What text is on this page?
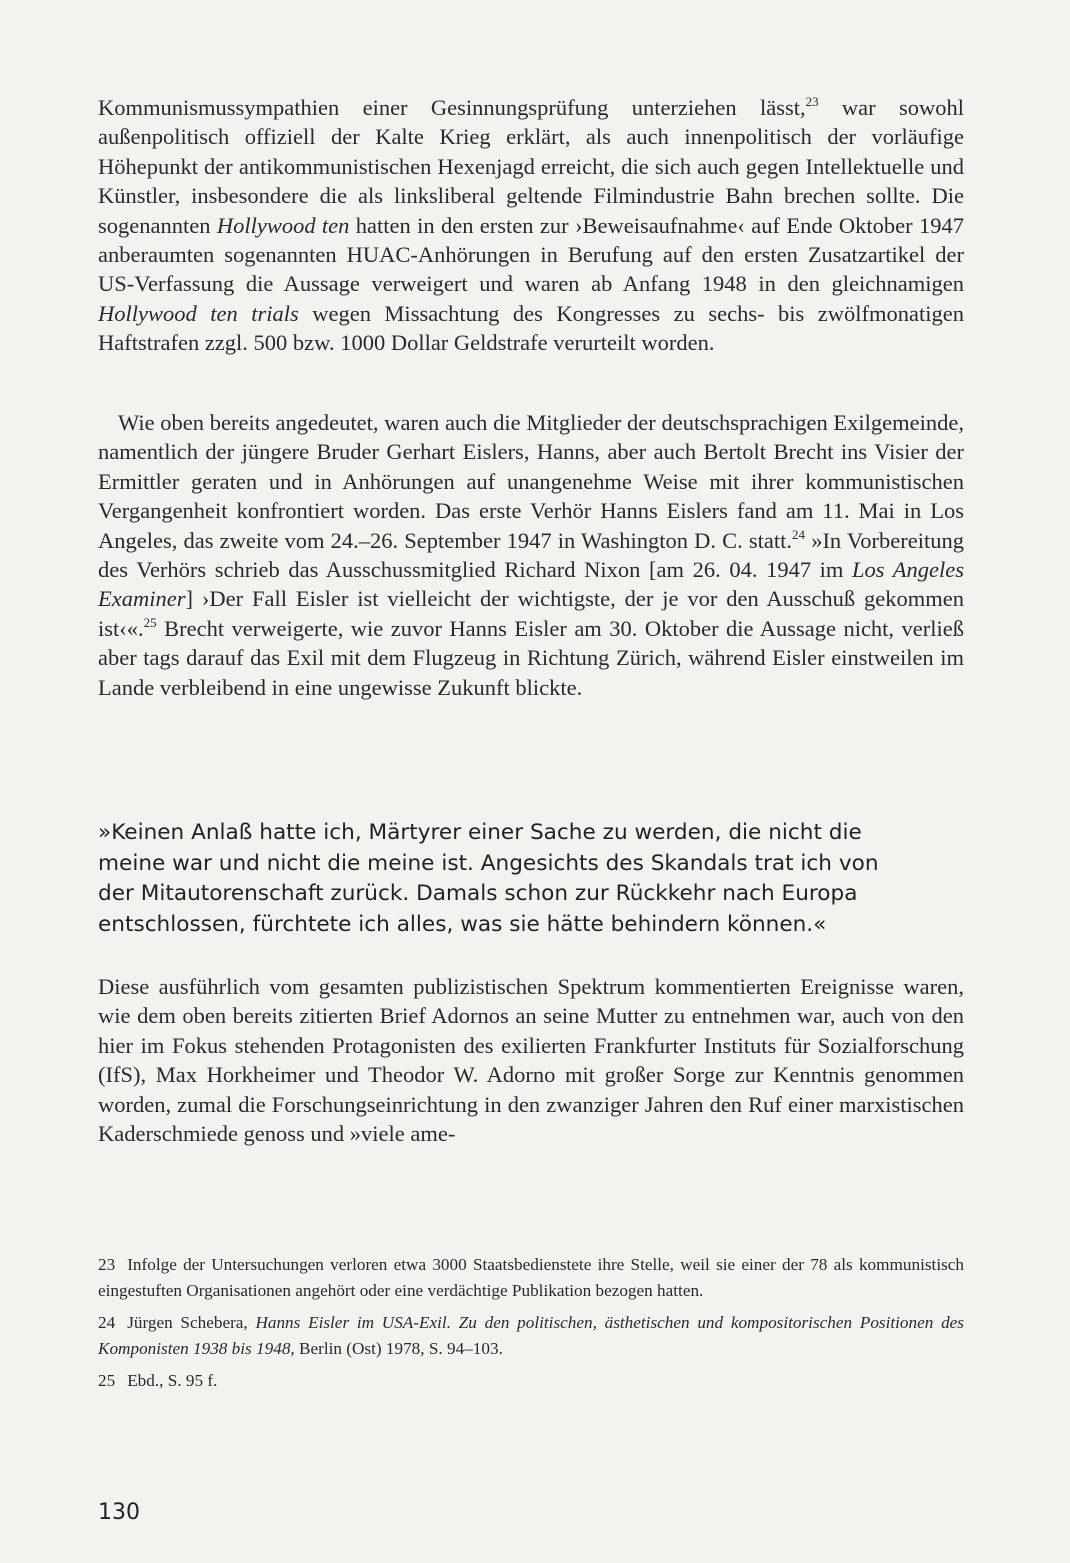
Kommunismussympathien einer Gesinnungsprüfung unterziehen lässt,$^{23}$ war sowohl außenpolitisch offiziell der Kalte Krieg erklärt, als auch innenpolitisch der vorläufige Höhepunkt der antikommunistischen Hexenjagd erreicht, die sich auch gegen Intellektuelle und Künstler, insbesondere die als linksliberal geltende Filmindustrie Bahn brechen sollte. Die sogenannten Hollywood ten hatten in den ersten zur ›Beweisaufnahme‹ auf Ende Oktober 1947 anberaumten sogenannten HUAC-Anhörungen in Berufung auf den ersten Zusatzartikel der US-Verfassung die Aussage verweigert und waren ab Anfang 1948 in den gleichnamigen Hollywood ten trials wegen Missachtung des Kongresses zu sechs- bis zwölfmonatigen Haftstrafen zzgl. 500 bzw. 1000 Dollar Geldstrafe verurteilt worden.
Wie oben bereits angedeutet, waren auch die Mitglieder der deutschsprachigen Exilgemeinde, namentlich der jüngere Bruder Gerhart Eislers, Hanns, aber auch Bertolt Brecht ins Visier der Ermittler geraten und in Anhörungen auf unangenehme Weise mit ihrer kommunistischen Vergangenheit konfrontiert worden. Das erste Verhör Hanns Eislers fand am 11. Mai in Los Angeles, das zweite vom 24.–26. September 1947 in Washington D. C. statt.$^{24}$ »In Vorbereitung des Verhörs schrieb das Ausschussmitglied Richard Nixon [am 26. 04. 1947 im Los Angeles Examiner] ›Der Fall Eisler ist vielleicht der wichtigste, der je vor den Ausschuß gekommen ist‹«.$^{25}$ Brecht verweigerte, wie zuvor Hanns Eisler am 30. Oktober die Aussage nicht, verließ aber tags darauf das Exil mit dem Flugzeug in Richtung Zürich, während Eisler einstweilen im Lande verbleibend in eine ungewisse Zukunft blickte.
»Keinen Anlaß hatte ich, Märtyrer einer Sache zu werden, die nicht die
meine war und nicht die meine ist. Angesichts des Skandals trat ich von
der Mitautorenschaft zurück. Damals schon zur Rückkehr nach Europa
entschlossen, fürchtete ich alles, was sie hätte behindern können.«
Diese ausführlich vom gesamten publizistischen Spektrum kommentierten Ereignisse waren, wie dem oben bereits zitierten Brief Adornos an seine Mutter zu entnehmen war, auch von den hier im Fokus stehenden Protagonisten des exilierten Frankfurter Instituts für Sozialforschung (IfS), Max Horkheimer und Theodor W. Adorno mit großer Sorge zur Kenntnis genommen worden, zumal die Forschungseinrichtung in den zwanziger Jahren den Ruf einer marxistischen Kaderschmiede genoss und »viele ame-
23 Infolge der Untersuchungen verloren etwa 3000 Staatsbedienstete ihre Stelle, weil sie einer der 78 als kommunistisch eingestuften Organisationen angehört oder eine verdächtige Publikation bezogen hatten.
24 Jürgen Schebera, Hanns Eisler im USA-Exil. Zu den politischen, ästhetischen und kompositorischen Positionen des Komponisten 1938 bis 1948, Berlin (Ost) 1978, S. 94–103.
25 Ebd., S. 95 f.
130
